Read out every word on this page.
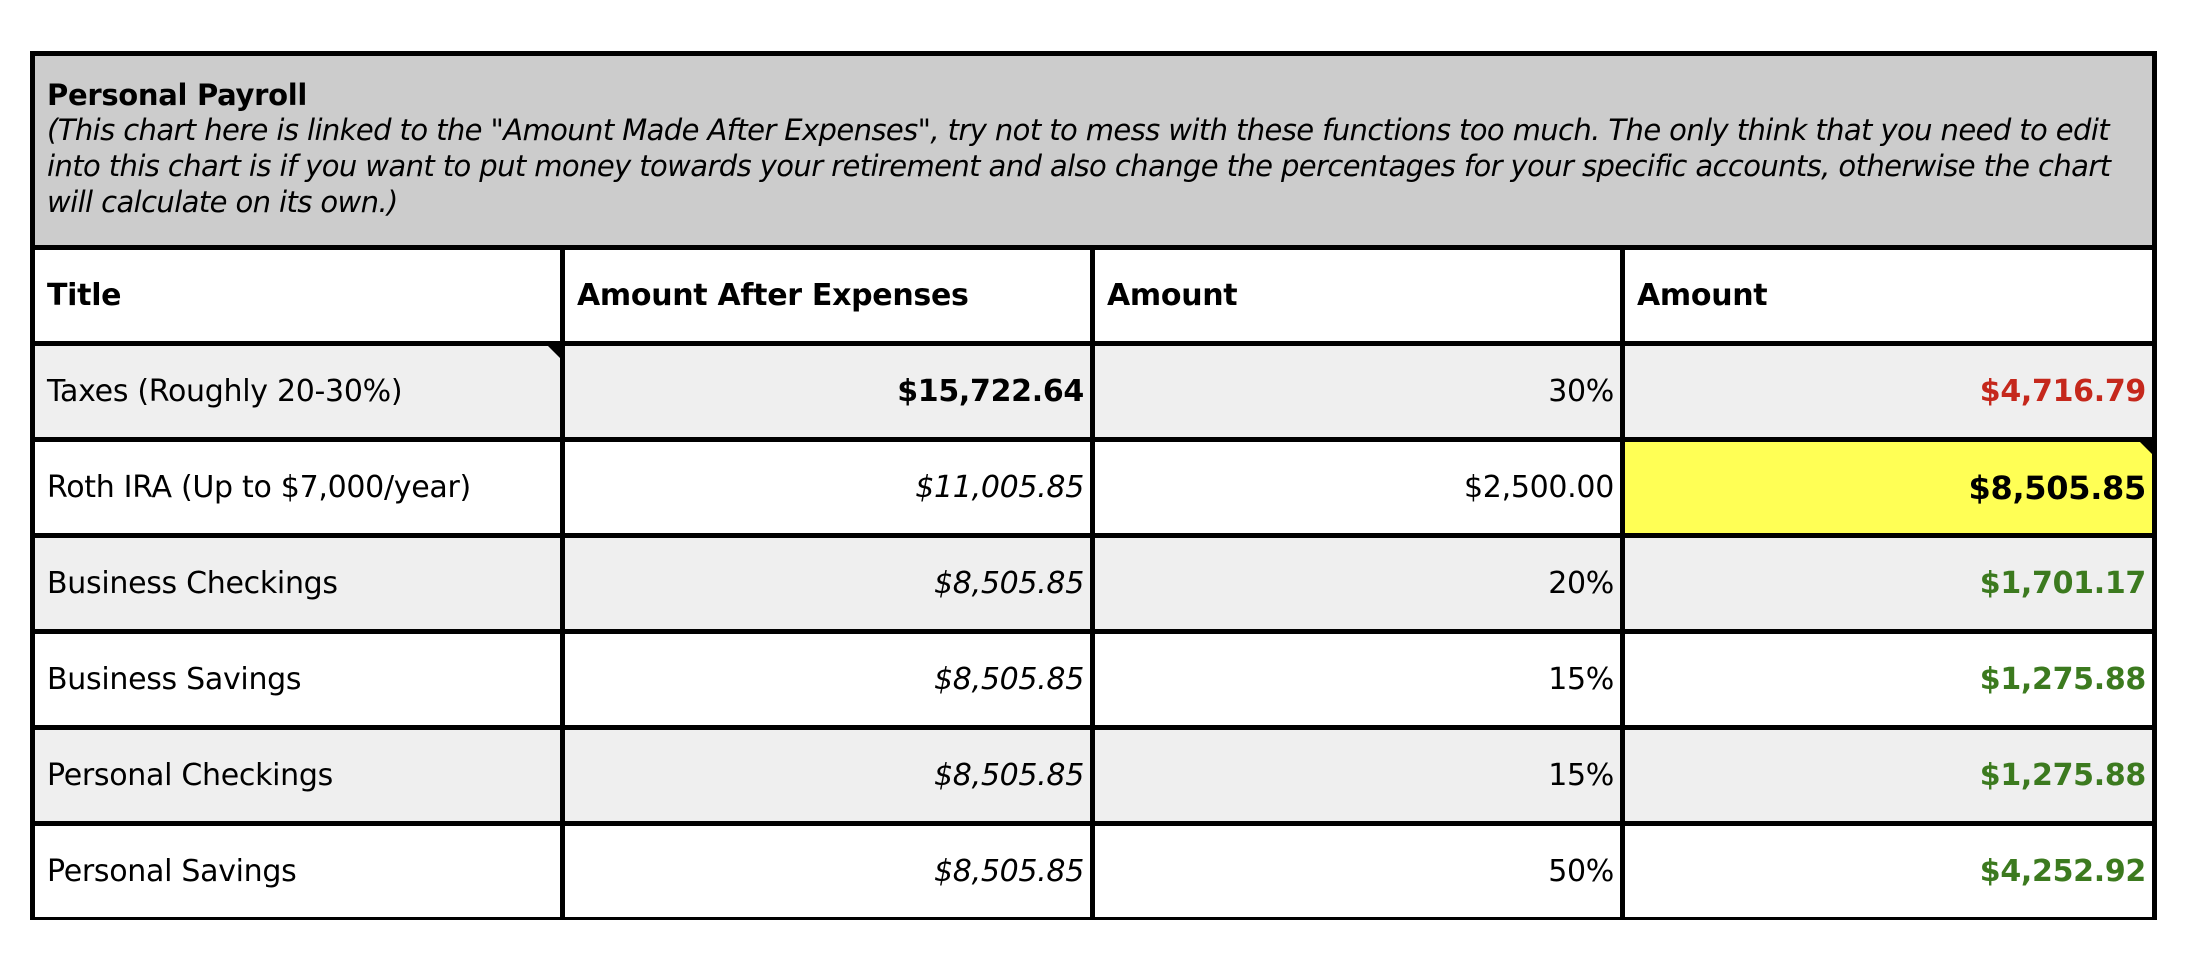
Personal Payroll
(This chart here is linked to the "Amount Made After Expenses", try not to mess with these functions too much. The only think that you need to edit into this chart is if you want to put money towards your retirement and also change the percentages for your specific accounts, otherwise the chart will calculate on its own.)
Title	Amount After Expenses	Amount	Amount
Taxes (Roughly 20-30%)	$15,722.64	30%	$4,716.79
Roth IRA (Up to $7,000/year)	$11,005.85	$2,500.00	$8,505.85
Business Checkings	$8,505.85	20%	$1,701.17
Business Savings	$8,505.85	15%	$1,275.88
Personal Checkings	$8,505.85	15%	$1,275.88
Personal Savings	$8,505.85	50%	$4,252.92
